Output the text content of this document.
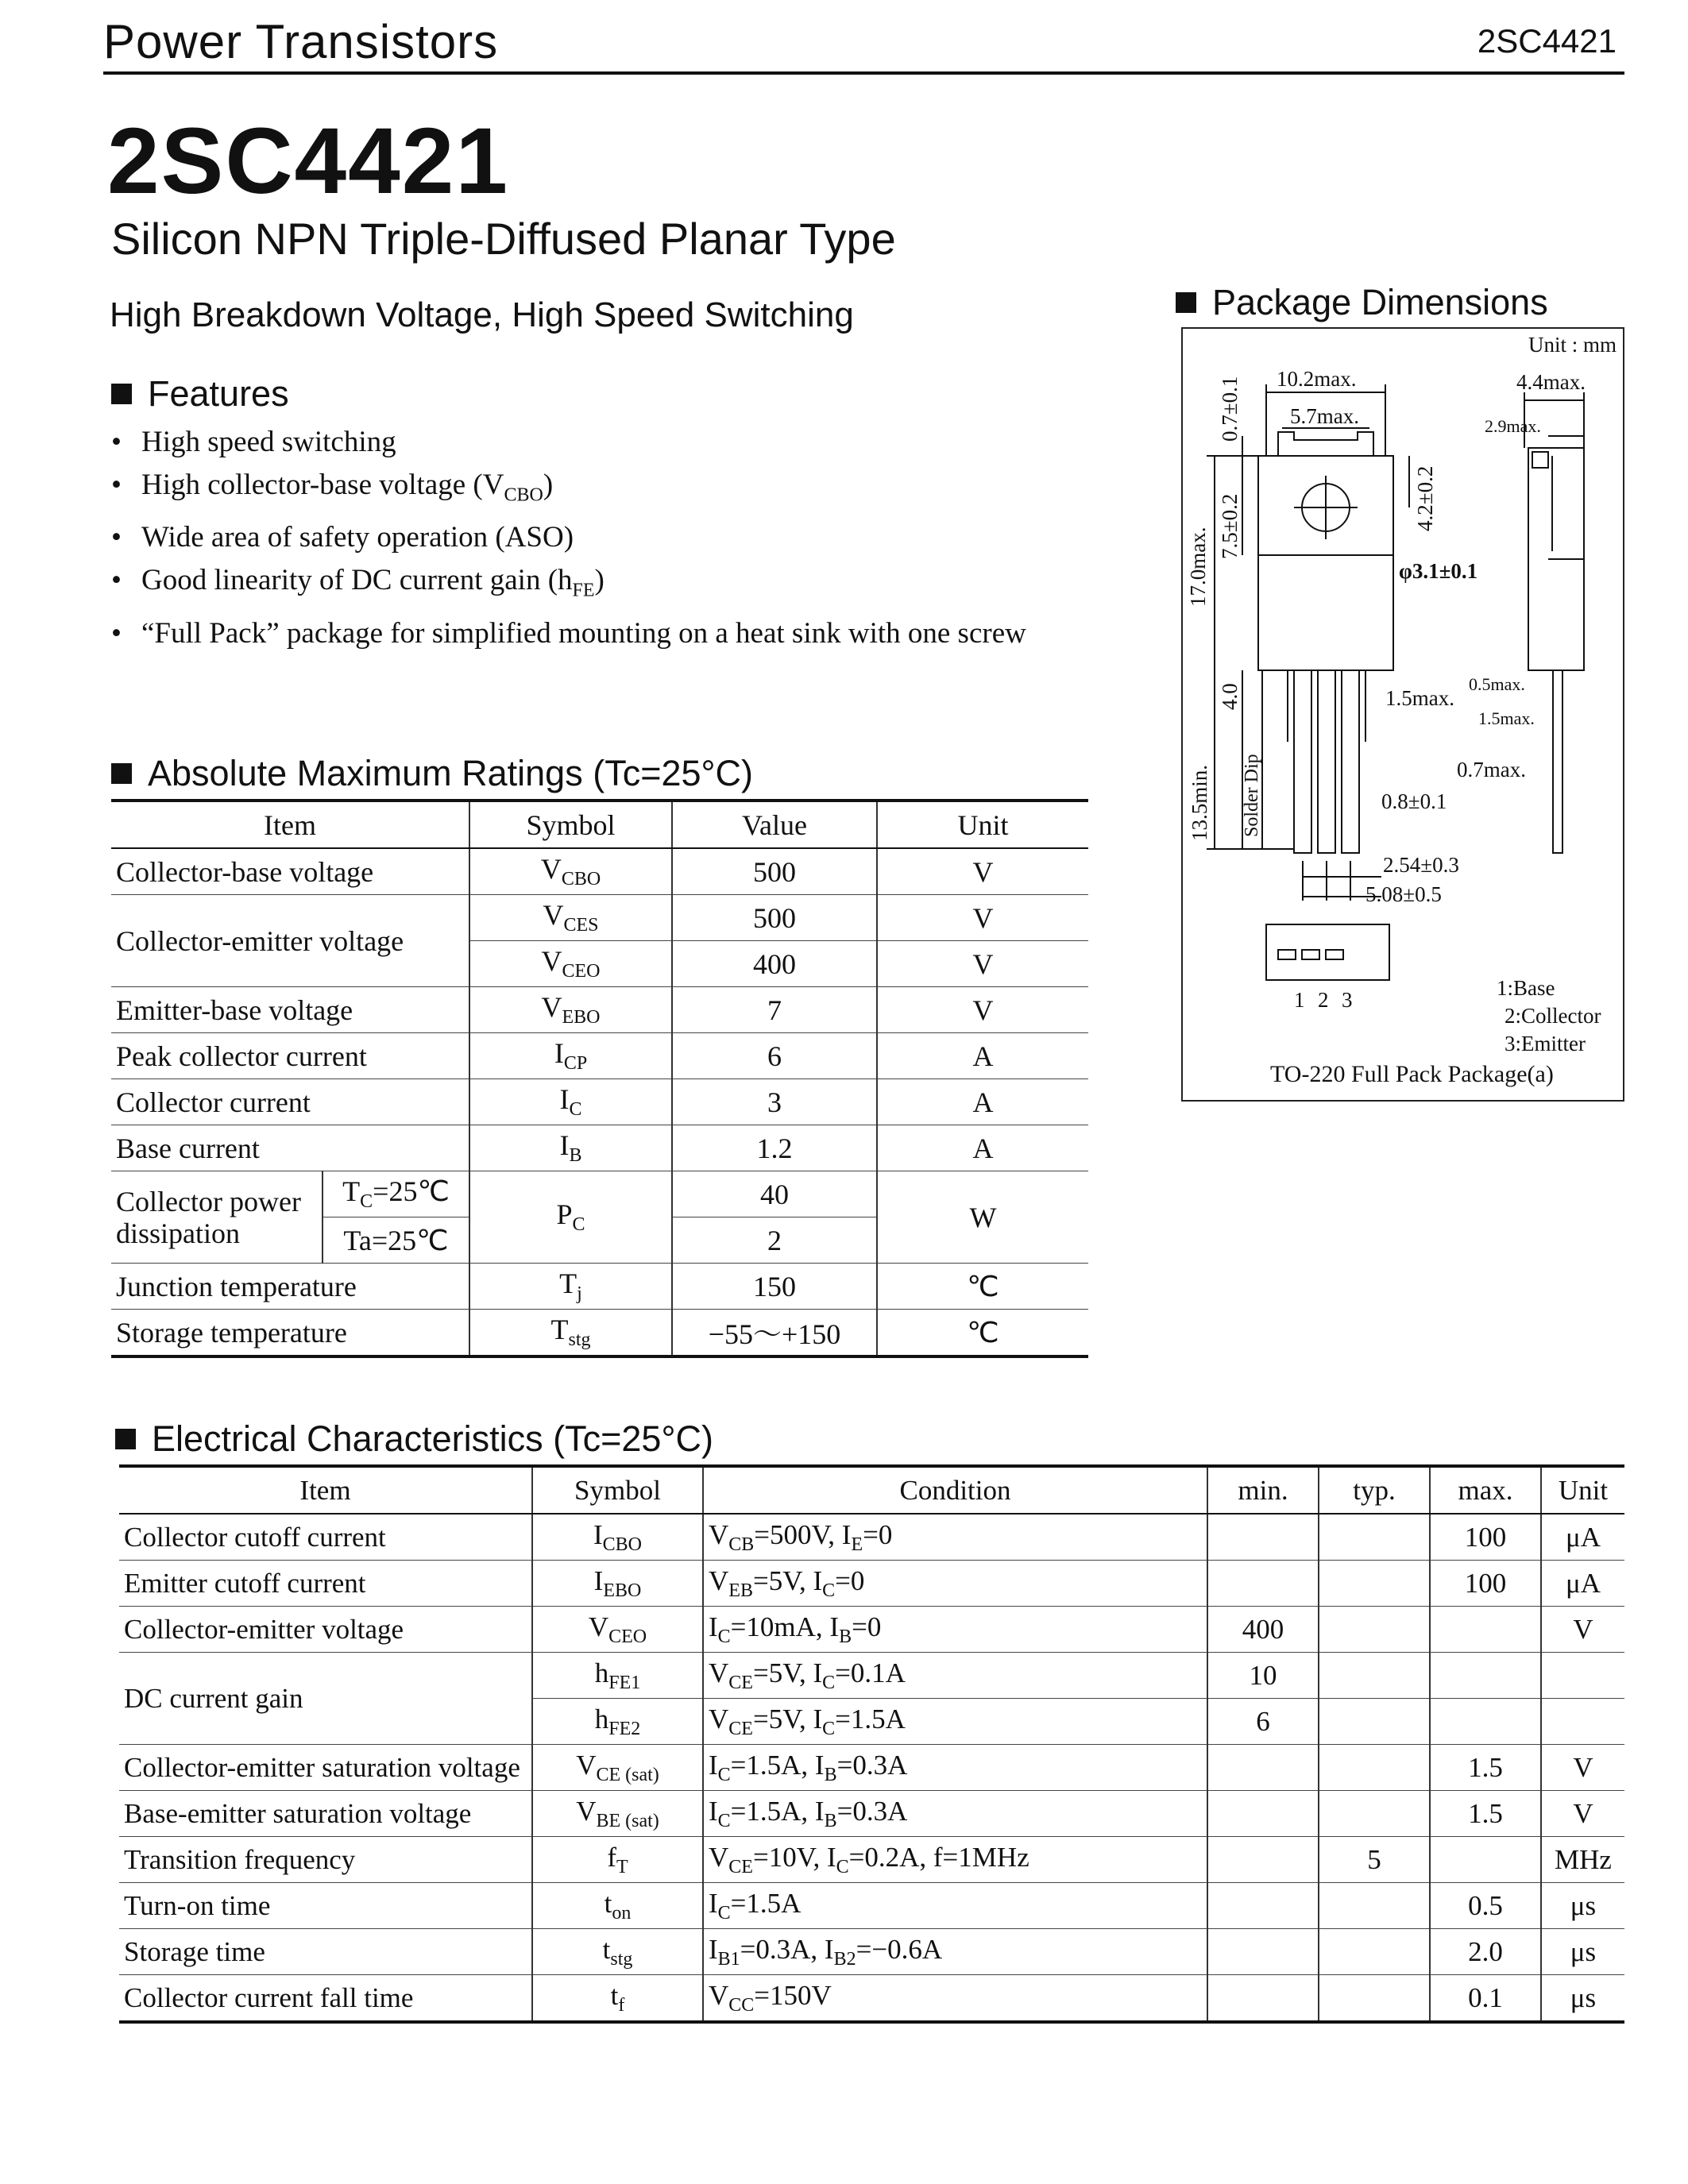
Power Transistors	2SC4421
2SC4421
Silicon NPN Triple-Diffused Planar Type
High Breakdown Voltage, High Speed Switching
Features
• High speed switching
• High collector-base voltage $(V_{CBO})$
• Wide area of safety operation (ASO)
• Good linearity of DC current gain $(h_{FE})$
• “Full Pack” package for simplified mounting on a heat sink with one screw
Absolute Maximum Ratings (Tc=25°C)
Item		Symbol	Value	Unit
Collector-base voltage		$V_{CBO}$	500	V
Collector-emitter voltage		$V_{CES}$	500	V
		$V_{CEO}$	400	V
Emitter-base voltage		$V_{EBO}$	7	V
Peak collector current		$I_{CP}$	6	A
Collector current		$I_C$	3	A
Base current		$I_B$	1.2	A
Collector power dissipation	$T_C=25℃$	$P_C$	40	W
	Ta=25℃		2	
Junction temperature		$T_j$	150	℃
Storage temperature		$T_{stg}$	−55〜+150	℃
Electrical Characteristics (Tc=25°C)
Item	Symbol	Condition	min.	typ.	max.	Unit
Collector cutoff current	$I_{CBO}$	$V_{CB}=500V$, $I_E=0$			100	μA
Emitter cutoff current	$I_{EBO}$	$V_{EB}=5V$, $I_C=0$			100	μA
Collector-emitter voltage	$V_{CEO}$	$I_C=10mA$, $I_B=0$	400			V
DC current gain	$h_{FE1}$	$V_{CE}=5V$, $I_C=0.1A$	10			
	$h_{FE2}$	$V_{CE}=5V$, $I_C=1.5A$	6			
Collector-emitter saturation voltage	$V_{CE (sat)}$	$I_C=1.5A$, $I_B=0.3A$			1.5	V
Base-emitter saturation voltage	$V_{BE (sat)}$	$I_C=1.5A$, $I_B=0.3A$			1.5	V
Transition frequency	$f_T$	$V_{CE}=10V$, $I_C=0.2A$, f=1MHz		5		MHz
Turn-on time	$t_{on}$	$I_C=1.5A$			0.5	μs
Storage time	$t_{stg}$	$I_{B1}=0.3A$, $I_{B2}=-0.6A$			2.0	μs
Collector current fall time	$t_f$	$V_{CC}=150V$			0.1	μs
Package Dimensions
Unit : mm
10.2max.
5.7max.
4.4max.
2.9max.
0.7±0.1
7.5±0.2
17.0max.
4.2±0.2
φ3.1±0.1
4.0	1.5max.
0.5max.
1.5max.
0.7max.
13.5min. Solder Dip	0.8±0.1
2.54±0.3
5.08±0.5
1 2 3	1:Base
2:Collector
3:Emitter
TO-220 Full Pack Package(a)
